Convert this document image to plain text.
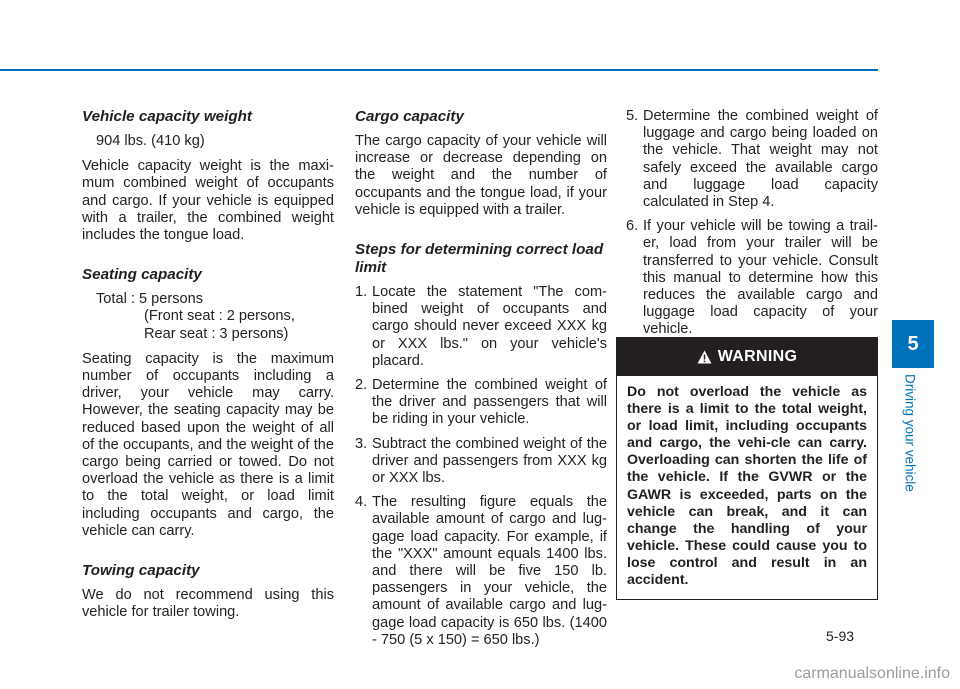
Vehicle capacity weight

904 lbs. (410 kg)

Vehicle capacity weight is the maxi-mum combined weight of occupants and cargo. If your vehicle is equipped with a trailer, the combined weight includes the tongue load.

Seating capacity

Total : 5 persons

(Front seat : 2 persons,

Rear seat : 3 persons)

Seating capacity is the maximum number of occupants including a driver, your vehicle may carry. However, the seating capacity may be reduced based upon the weight of all of the occupants, and the weight of the cargo being carried or towed. Do not overload the vehicle as there is a limit to the total weight, or load limit including occupants and cargo, the vehicle can carry.

Towing capacity

We do not recommend using this vehicle for trailer towing.

Cargo capacity

The cargo capacity of your vehicle will increase or decrease depending on the weight and the number of occupants and the tongue load, if your vehicle is equipped with a trailer.

Steps for determining correct load limit
1. Locate the statement "The com-bined weight of occupants and cargo should never exceed XXX kg or XXX lbs." on your vehicle's placard.
2. Determine the combined weight of the driver and passengers that will be riding in your vehicle.
3. Subtract the combined weight of the driver and passengers from XXX kg or XXX lbs.
4. The resulting figure equals the available amount of cargo and lug-gage load capacity. For example, if the "XXX" amount equals 1400 lbs. and there will be five 150 lb. passengers in your vehicle, the amount of available cargo and lug-gage load capacity is 650 lbs. (1400 - 750 (5 x 150) = 650 lbs.)
5. Determine the combined weight of luggage and cargo being loaded on the vehicle. That weight may not safely exceed the available cargo and luggage load capacity calculated in Step 4.
6. If your vehicle will be towing a trail-er, load from your trailer will be transferred to your vehicle. Consult this manual to determine how this reduces the available cargo and luggage load capacity of your vehicle.
WARNING
Do not overload the vehicle as there is a limit to the total weight, or load limit, including occupants and cargo, the vehi-cle can carry. Overloading can shorten the life of the vehicle. If the GVWR or the GAWR is exceeded, parts on the vehicle can break, and it can change the handling of your vehicle. These could cause you to lose control and result in an accident.
5
Driving your vehicle
5-93
carmanualsonline.info
